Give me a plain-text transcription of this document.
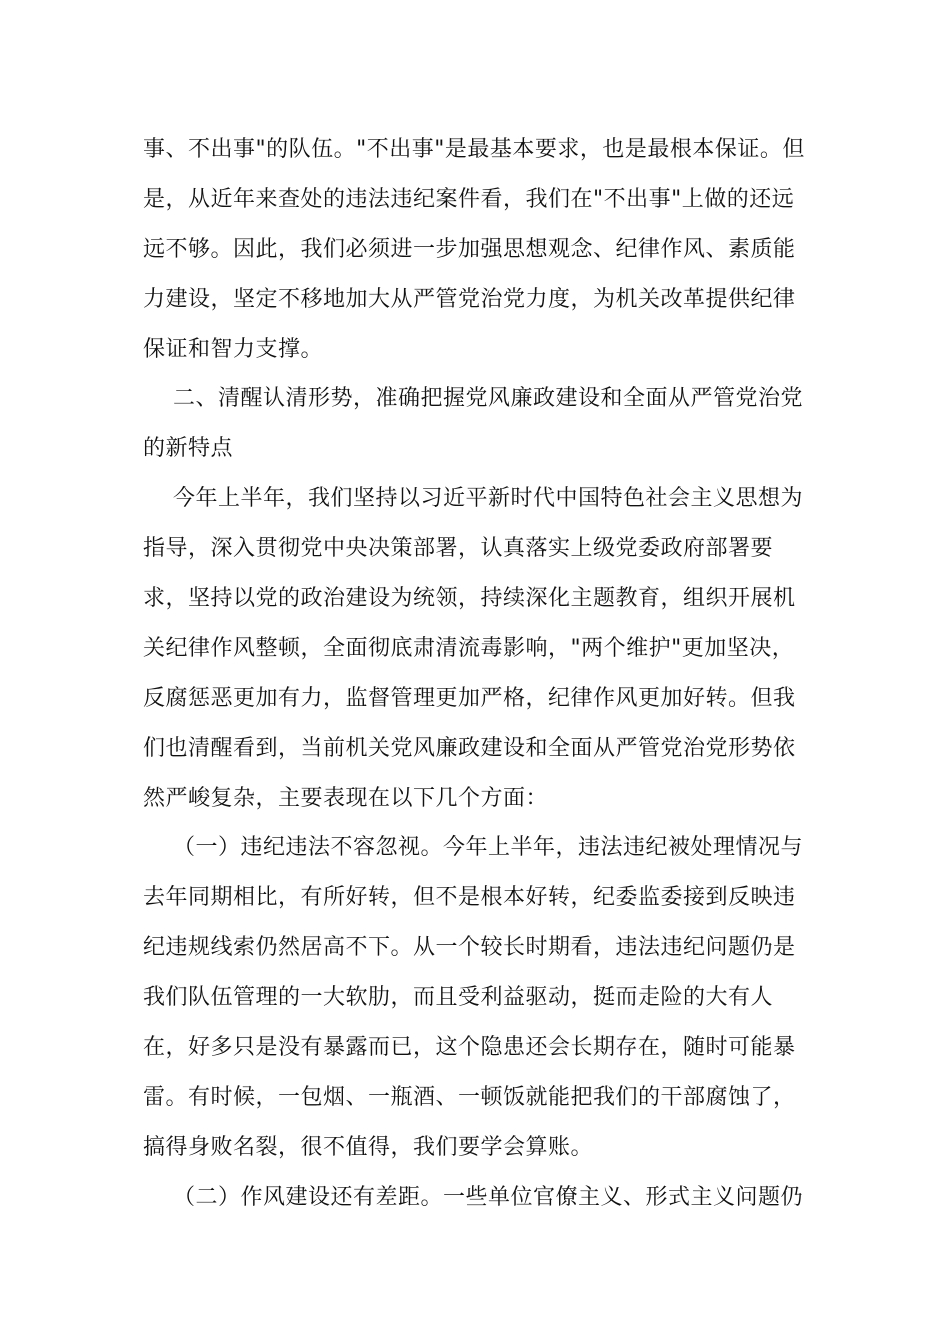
事、不出事"的队伍。"不出事"是最基本要求，也是最根本保证。但
是，从近年来查处的违法违纪案件看，我们在"不出事"上做的还远
远不够。因此，我们必须进一步加强思想观念、纪律作风、素质能
力建设，坚定不移地加大从严管党治党力度，为机关改革提供纪律
保证和智力支撑。
二、清醒认清形势，准确把握党风廉政建设和全面从严管党治党
的新特点
今年上半年，我们坚持以习近平新时代中国特色社会主义思想为
指导，深入贯彻党中央决策部署，认真落实上级党委政府部署要
求，坚持以党的政治建设为统领，持续深化主题教育，组织开展机
关纪律作风整顿，全面彻底肃清流毒影响，"两个维护"更加坚决，
反腐惩恶更加有力，监督管理更加严格，纪律作风更加好转。但我
们也清醒看到，当前机关党风廉政建设和全面从严管党治党形势依
然严峻复杂，主要表现在以下几个方面：
（一）违纪违法不容忽视。今年上半年，违法违纪被处理情况与
去年同期相比，有所好转，但不是根本好转，纪委监委接到反映违
纪违规线索仍然居高不下。从一个较长时期看，违法违纪问题仍是
我们队伍管理的一大软肋，而且受利益驱动，挺而走险的大有人
在，好多只是没有暴露而已，这个隐患还会长期存在，随时可能暴
雷。有时候，一包烟、一瓶酒、一顿饭就能把我们的干部腐蚀了，
搞得身败名裂，很不值得，我们要学会算账。
（二）作风建设还有差距。一些单位官僚主义、形式主义问题仍
